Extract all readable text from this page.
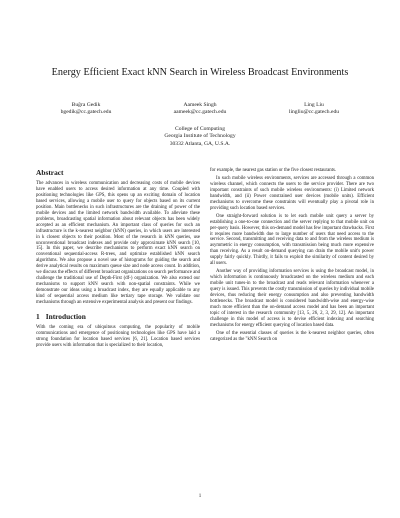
Energy Efficient Exact kNN Search in Wireless Broadcast Environments
Buğra Gedik
bgedik@cc.gatech.edu
Aameek Singh
aameek@cc.gatech.edu
Ling Liu
lingliu@cc.gatech.edu
College of Computing
Georgia Institute of Technology
30332 Atlanta, GA, U.S.A.
Abstract

The advances in wireless communication and decreasing costs of mobile devices have enabled users to access desired information at any time. Coupled with positioning technologies like GPS, this opens up an exciting domain of location based services, allowing a mobile user to query for objects based on its current position. Main bottlenecks in such infrastructures are the draining of power of the mobile devices and the limited network bandwidth available. To alleviate these problems, broadcasting spatial information about relevant objects has been widely accepted as an efficient mechanism. An important class of queries for such an infrastructure is the k-nearest neighbor (kNN) queries, in which users are interested in k closest objects to their position. Most of the research in kNN queries, use unconventional broadcast indexes and provide only approximate kNN search [10, 15]. In this paper, we describe mechanisms to perform exact kNN search on conventional sequential-access R-trees, and optimize established kNN search algorithms. We also propose a novel use of histograms for guiding the search and derive analytical results on maximum queue size and node access count. In addition, we discuss the effects of different broadcast organizations on search performance and challenge the traditional use of Depth-First (df-) organization. We also extend our mechanisms to support kNN search with non-spatial constraints. While we demonstrate our ideas using a broadcast index, they are equally applicable to any kind of sequential access medium like tertiary tape storage. We validate our mechanisms through an extensive experimental analysis and present our findings.

1 Introduction

With the coming era of ubiquitous computing, the popularity of mobile communications and emergence of positioning technologies like GPS have laid a strong foundation for location based services [6, 21]. Location based services provide users with information that is specialized to their location,

for example, the nearest gas station or the five closest restaurants.

In such mobile wireless environments, services are accessed through a common wireless channel, which connects the users to the service provider. There are two important constraints of such mobile wireless environments: (i) Limited network bandwidth, and (ii) Power constrained user devices (mobile units). Efficient mechanisms to overcome these constraints will eventually play a pivotal role in providing such location based services.

One straight-forward solution is to let each mobile unit query a server by establishing a one-to-one connection and the server replying to that mobile unit on per-query basis. However, this on-demand model has few important drawbacks. First it requires more bandwidth due to large number of users that need access to the service. Second, transmitting and receiving data to and from the wireless medium is asymmetric in energy consumption, with transmission being much more expensive than receiving. As a result on-demand querying can drain the mobile unit's power supply fairly quickly. Thirdly, it fails to exploit the similarity of content desired by all users.

Another way of providing information services is using the broadcast model, in which information is continuously broadcasted on the wireless medium and each mobile unit tunes-in to the broadcast and reads relevant information whenever a query is issued. This prevents the costly transmission of queries by individual mobile devices, thus reducing their energy consumption and also preventing bandwidth bottlenecks. The broadcast model is considered bandwidth-wise and energy-wise much more efficient than the on-demand access model and has been an important topic of interest in the research community [13, 5, 26, 2, 3, 29, 12]. An important challenge in this model of access is to devise efficient indexing and searching mechanisms for energy efficient querying of location based data.

One of the essential classes of queries is the k-nearest neighbor queries, often categorized as the "kNN Search on

1
